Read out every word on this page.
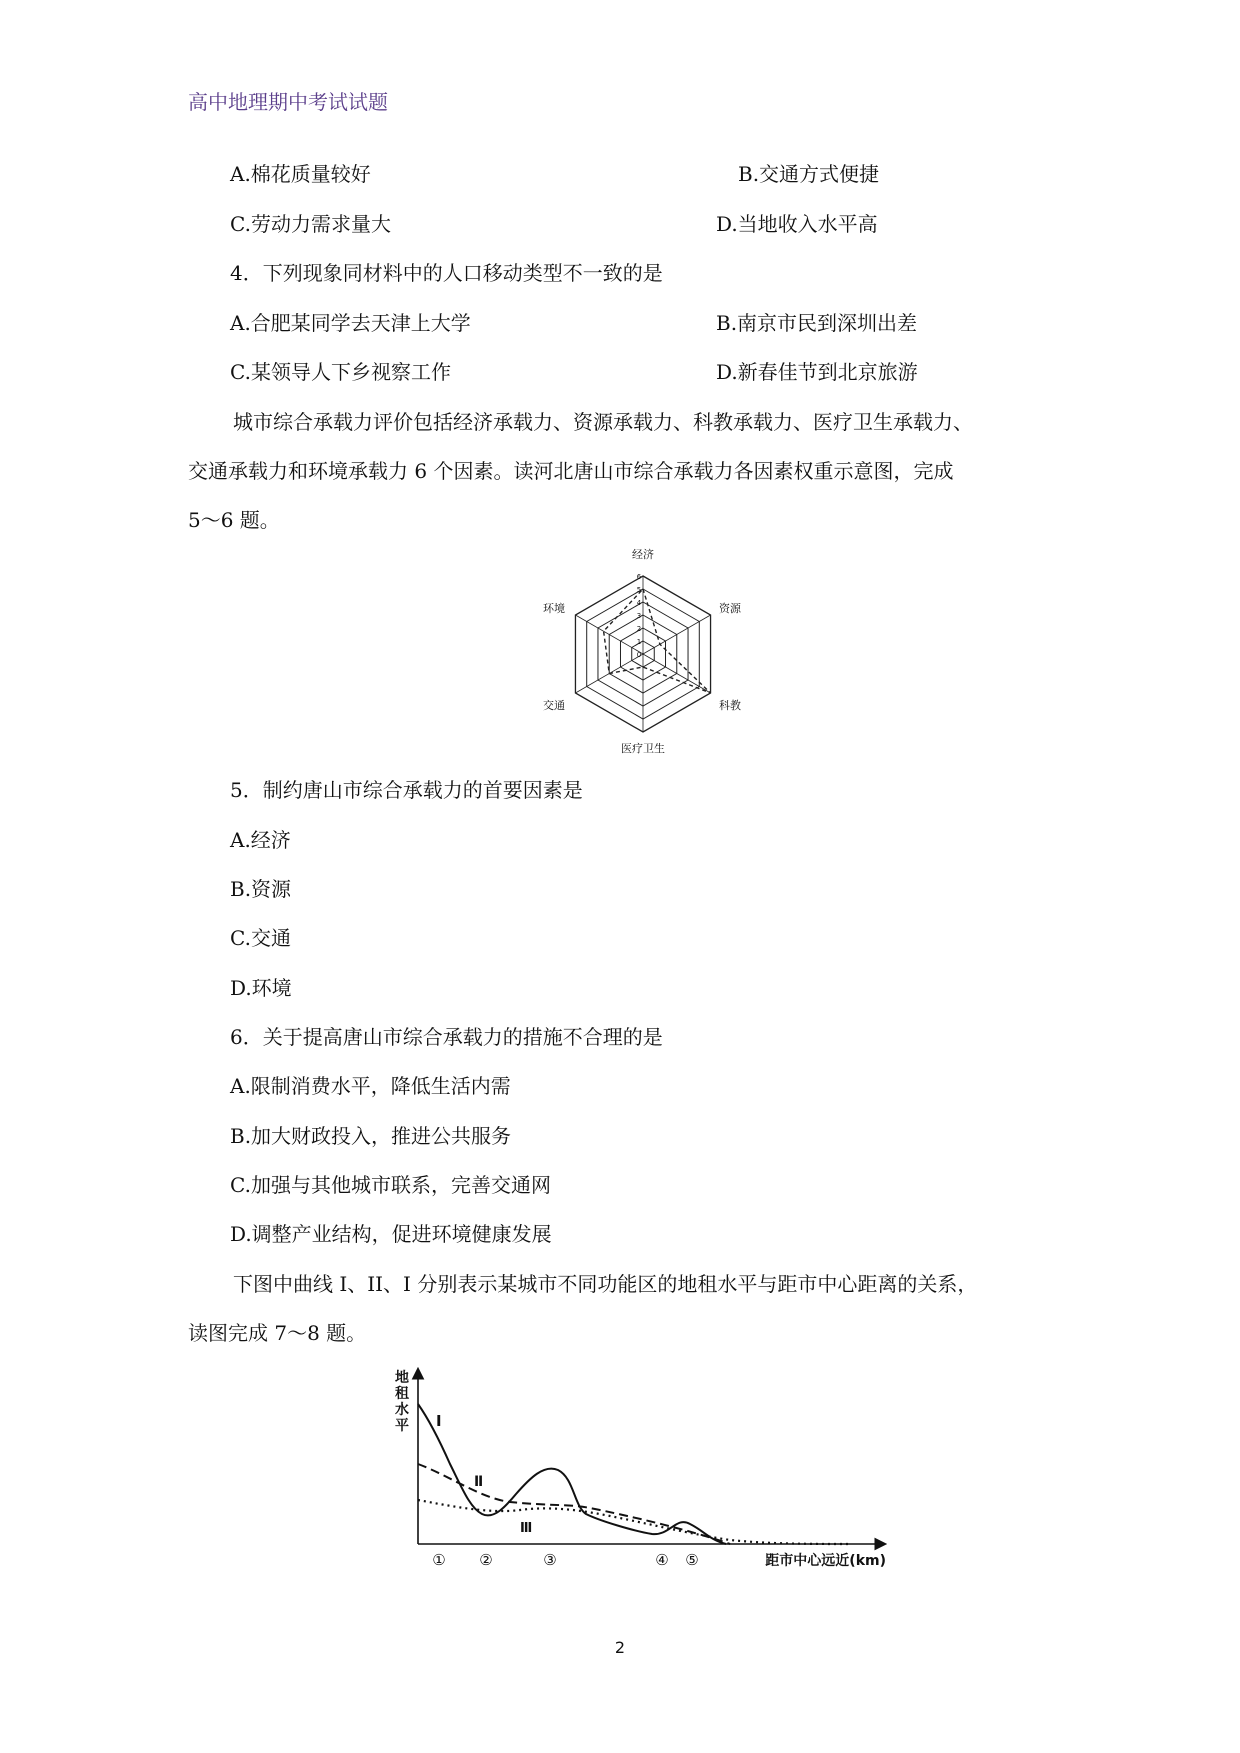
高中地理期中考试试题
A.棉花质量较好	B.交通方式便捷
C.劳动力需求量大	D.当地收入水平高
4．下列现象同材料中的人口移动类型不一致的是
A.合肥某同学去天津上大学	B.南京市民到深圳出差
C.某领导人下乡视察工作	D.新春佳节到北京旅游
城市综合承载力评价包括经济承载力、资源承载力、科教承载力、医疗卫生承载力、
交通承载力和环境承载力 6 个因素。读河北唐山市综合承载力各因素权重示意图，完成
5～6 题。
0
1
2
3
4
5
6
经济
资源
科教
医疗卫生
交通
环境
5．制约唐山市综合承载力的首要因素是
A.经济
B.资源
C.交通
D.环境
6．关于提高唐山市综合承载力的措施不合理的是
A.限制消费水平，降低生活内需
B.加大财政投入，推进公共服务
C.加强与其他城市联系，完善交通网
D.调整产业结构，促进环境健康发展
下图中曲线 I、II、I 分别表示某城市不同功能区的地租水平与距市中心距离的关系，
读图完成 7～8 题。
地
租
水
平 I
Ⅱ
Ⅲ
① ②	③	④ ⑤	距市中心远近(km)
2
